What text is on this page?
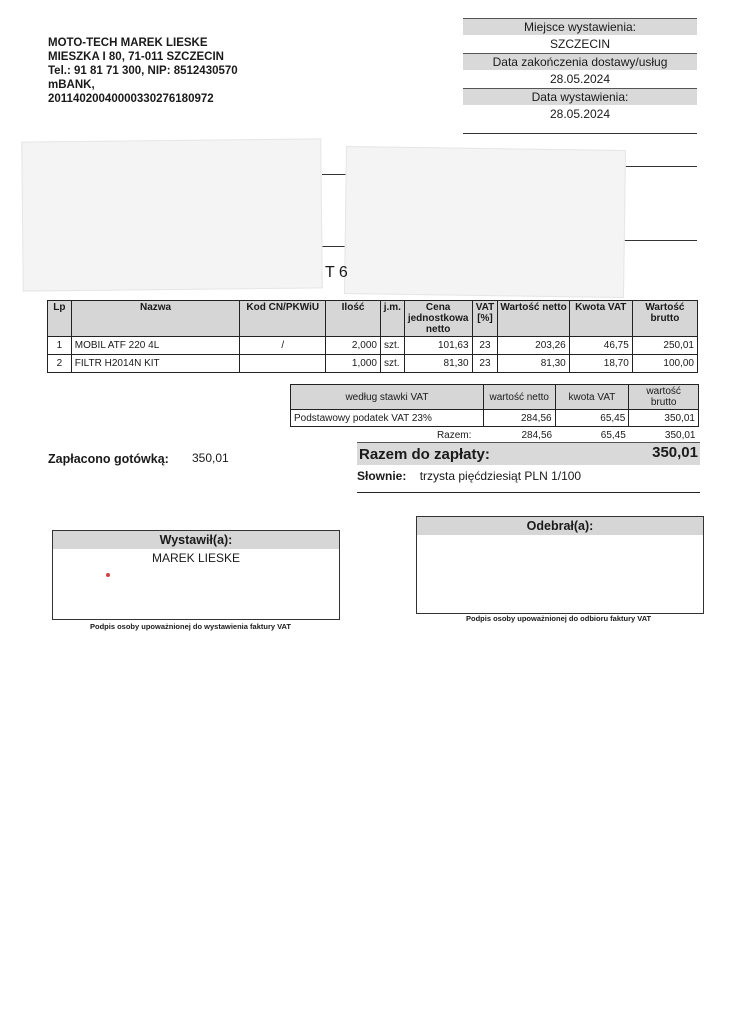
MOTO-TECH MAREK LIESKE
MIESZKA I 80, 71-011 SZCZECIN
Tel.: 91 81 71 300, NIP: 8512430570
mBANK,
20114020040000330276180972
Miejsce wystawienia:
SZCZECIN
Data zakończenia dostawy/usług
28.05.2024
Data wystawienia:
28.05.2024
T 6
Lp	Nazwa	Kod CN/PKWiU	Ilość	j.m.	Cena jednostkowa netto	VAT [%]	Wartość netto	Kwota VAT	Wartość brutto
1	MOBIL ATF 220 4L	/	2,000	szt.	101,63	23	203,26	46,75	250,01
2	FILTR H2014N KIT		1,000	szt.	81,30	23	81,30	18,70	100,00
według stawki VAT	wartość netto	kwota VAT	wartość brutto
Podstawowy podatek VAT 23%	284,56	65,45	350,01
Razem:	284,56	65,45	350,01
Zapłacono gotówką: 350,01	Razem do zapłaty:	350,01
Słownie: trzysta pięćdziesiąt PLN 1/100
Wystawił(a):
MAREK LIESKE
Podpis osoby upoważnionej do wystawienia faktury VAT
Odebrał(a):
Podpis osoby upoważnionej do odbioru faktury VAT
